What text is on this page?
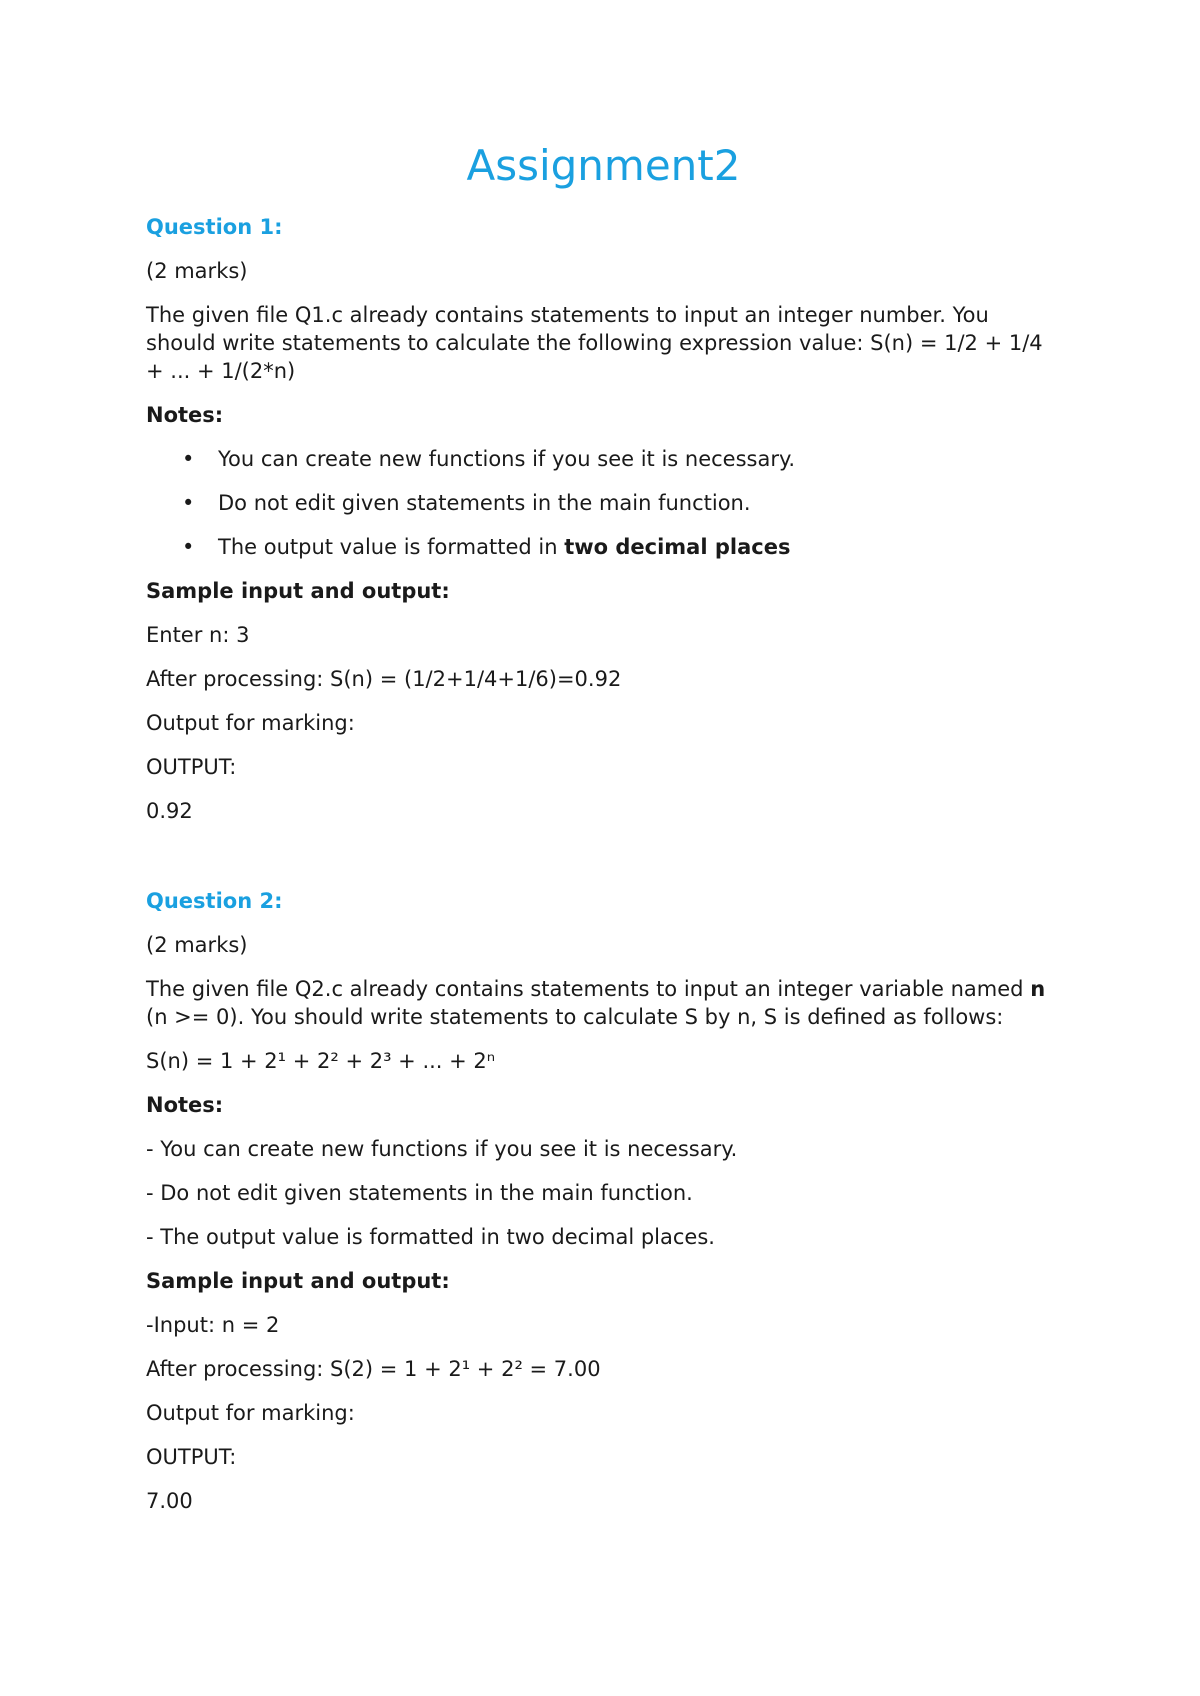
Assignment2
Question 1:

(2 marks)

The given file Q1.c already contains statements to input an integer number. You should write statements to calculate the following expression value: S(n) = 1/2 + 1/4 + ... + 1/(2*n)

Notes:

• You can create new functions if you see it is necessary.
• Do not edit given statements in the main function.
• The output value is formatted in two decimal places

Sample input and output:

Enter n: 3

After processing: S(n) = (1/2+1/4+1/6)=0.92

Output for marking:

OUTPUT:

0.92

Question 2:

(2 marks)

The given file Q2.c already contains statements to input an integer variable named n (n >= 0). You should write statements to calculate S by n, S is defined as follows:

S(n) = 1 + 2¹ + 2² + 2³ + ... + 2ⁿ

Notes:

- You can create new functions if you see it is necessary.

- Do not edit given statements in the main function.

- The output value is formatted in two decimal places.

Sample input and output:

-Input: n = 2

After processing: S(2) = 1 + 2¹ + 2² = 7.00

Output for marking:

OUTPUT:

7.00
